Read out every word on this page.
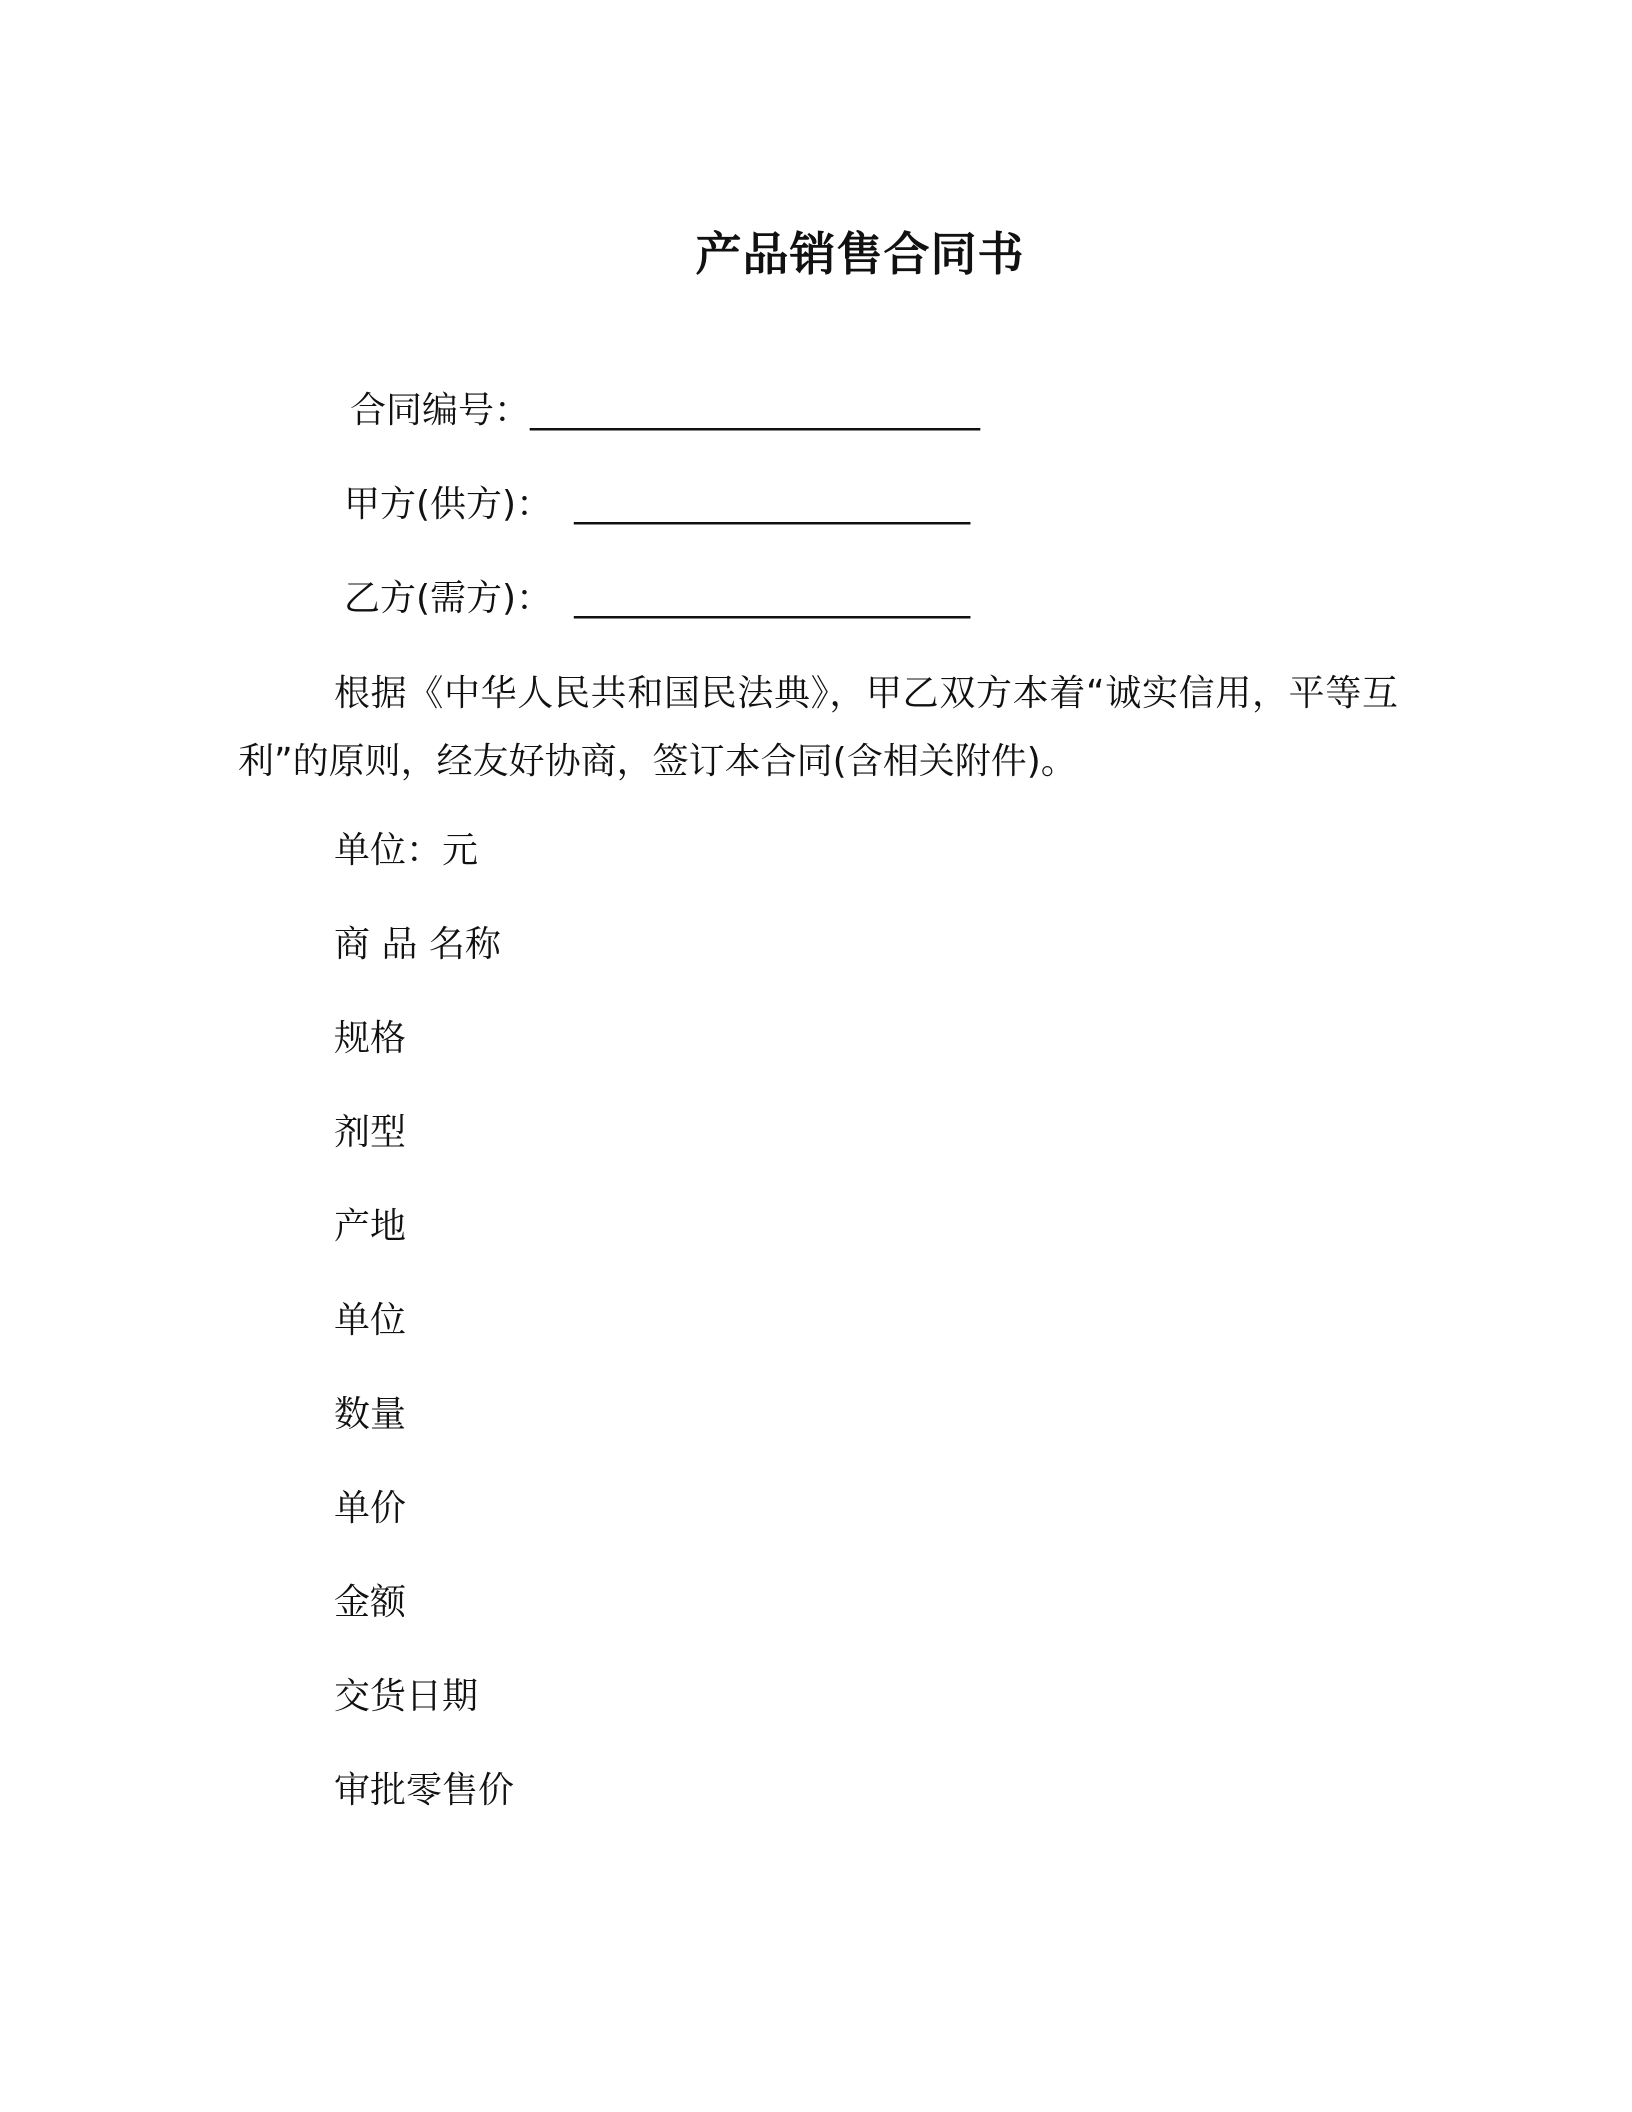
产品销售合同书
合同编号：_________________________
甲方(供方)： ______________________
乙方(需方)： ______________________
根据《中华人民共和国民法典》，甲乙双方本着“诚实信用，平等互利”的原则，经友好协商，签订本合同(含相关附件)。
单位：元
商 品 名称
规格
剂型
产地
单位
数量
单价
金额
交货日期
审批零售价
